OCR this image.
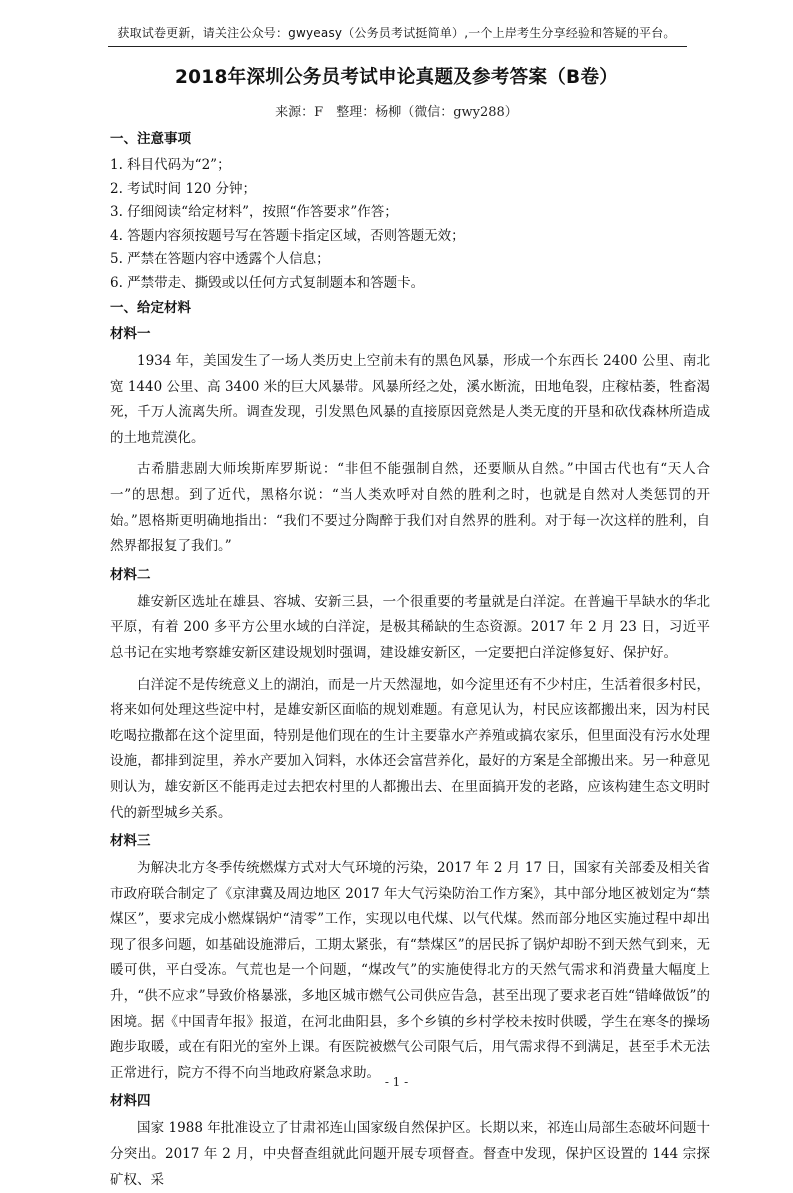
获取试卷更新，请关注公众号：gwyeasy（公务员考试挺简单）,一个上岸考生分享经验和答疑的平台。
2018年深圳公务员考试申论真题及参考答案（B卷）
来源：F　整理：杨柳（微信：gwy288）
一、注意事项
1. 科目代码为“2”；
2. 考试时间 120 分钟；
3. 仔细阅读“给定材料”，按照“作答要求”作答；
4. 答题内容须按题号写在答题卡指定区域，否则答题无效；
5. 严禁在答题内容中透露个人信息；
6. 严禁带走、撕毁或以任何方式复制题本和答题卡。
一、给定材料
材料一

1934 年，美国发生了一场人类历史上空前未有的黑色风暴，形成一个东西长 2400 公里、南北宽 1440 公里、高 3400 米的巨大风暴带。风暴所经之处，溪水断流，田地龟裂，庄稼枯萎，牲畜渴死，千万人流离失所。调查发现，引发黑色风暴的直接原因竟然是人类无度的开垦和砍伐森林所造成的土地荒漠化。

古希腊悲剧大师埃斯库罗斯说：“非但不能强制自然，还要顺从自然。”中国古代也有“天人合一”的思想。到了近代，黑格尔说：“当人类欢呼对自然的胜利之时，也就是自然对人类惩罚的开始。”恩格斯更明确地指出：“我们不要过分陶醉于我们对自然界的胜利。对于每一次这样的胜利，自然界都报复了我们。”

材料二

雄安新区选址在雄县、容城、安新三县，一个很重要的考量就是白洋淀。在普遍干旱缺水的华北平原，有着 200 多平方公里水域的白洋淀，是极其稀缺的生态资源。2017 年 2 月 23 日，习近平总书记在实地考察雄安新区建设规划时强调，建设雄安新区，一定要把白洋淀修复好、保护好。

白洋淀不是传统意义上的湖泊，而是一片天然湿地，如今淀里还有不少村庄，生活着很多村民，将来如何处理这些淀中村，是雄安新区面临的规划难题。有意见认为，村民应该都搬出来，因为村民吃喝拉撒都在这个淀里面，特别是他们现在的生计主要靠水产养殖或搞农家乐，但里面没有污水处理设施，都排到淀里，养水产要加入饲料，水体还会富营养化，最好的方案是全部搬出来。另一种意见则认为，雄安新区不能再走过去把农村里的人都搬出去、在里面搞开发的老路，应该构建生态文明时代的新型城乡关系。

材料三

为解决北方冬季传统燃煤方式对大气环境的污染，2017 年 2 月 17 日，国家有关部委及相关省市政府联合制定了《京津冀及周边地区 2017 年大气污染防治工作方案》，其中部分地区被划定为“禁煤区”，要求完成小燃煤锅炉“清零”工作，实现以电代煤、以气代煤。然而部分地区实施过程中却出现了很多问题，如基础设施滞后，工期太紧张，有“禁煤区”的居民拆了锅炉却盼不到天然气到来，无暖可供，平白受冻。气荒也是一个问题，“煤改气”的实施使得北方的天然气需求和消费量大幅度上升，“供不应求”导致价格暴涨，多地区城市燃气公司供应告急，甚至出现了要求老百姓“错峰做饭”的困境。据《中国青年报》报道，在河北曲阳县，多个乡镇的乡村学校未按时供暖，学生在寒冬的操场跑步取暖，或在有阳光的室外上课。有医院被燃气公司限气后，用气需求得不到满足，甚至手术无法正常进行，院方不得不向当地政府紧急求助。

材料四

国家 1988 年批准设立了甘肃祁连山国家级自然保护区。长期以来，祁连山局部生态破坏问题十分突出。2017 年 2 月，中央督查组就此问题开展专项督查。督查中发现，保护区设置的 144 宗探矿权、采

- 1 -
